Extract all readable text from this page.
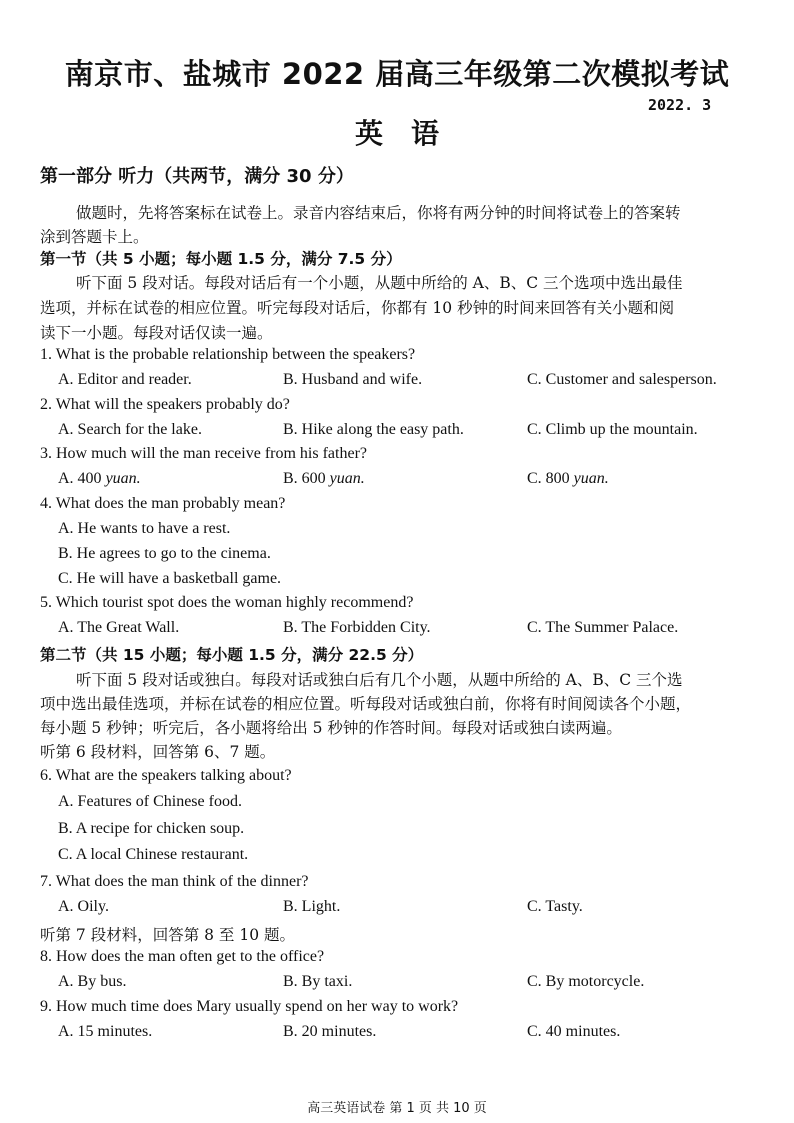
南京市、盐城市 2022 届高三年级第二次模拟考试
2022. 3
英语
第一部分 听力（共两节，满分 30 分）
做题时，先将答案标在试卷上。录音内容结束后，你将有两分钟的时间将试卷上的答案转
涂到答题卡上。
第一节（共 5 小题；每小题 1.5 分，满分 7.5 分）
听下面 5 段对话。每段对话后有一个小题，从题中所给的 A、B、C 三个选项中选出最佳
选项，并标在试卷的相应位置。听完每段对话后，你都有 10 秒钟的时间来回答有关小题和阅
读下一小题。每段对话仅读一遍。
1. What is the probable relationship between the speakers?
A. Editor and reader.	B. Husband and wife.	C. Customer and salesperson.
2. What will the speakers probably do?
A. Search for the lake.	B. Hike along the easy path.	C. Climb up the mountain.
3. How much will the man receive from his father?
A. 400 yuan.	B. 600 yuan.	C. 800 yuan.
4. What does the man probably mean?
A. He wants to have a rest.
B. He agrees to go to the cinema.
C. He will have a basketball game.
5. Which tourist spot does the woman highly recommend?
A. The Great Wall.	B. The Forbidden City.	C. The Summer Palace.
第二节（共 15 小题；每小题 1.5 分，满分 22.5 分）
听下面 5 段对话或独白。每段对话或独白后有几个小题，从题中所给的 A、B、C 三个选
项中选出最佳选项，并标在试卷的相应位置。听每段对话或独白前，你将有时间阅读各个小题，
每小题 5 秒钟；听完后，各小题将给出 5 秒钟的作答时间。每段对话或独白读两遍。
听第 6 段材料，回答第 6、7 题。
6. What are the speakers talking about?
A. Features of Chinese food.
B. A recipe for chicken soup.
C. A local Chinese restaurant.
7. What does the man think of the dinner?
A. Oily.	B. Light.	C. Tasty.
听第 7 段材料，回答第 8 至 10 题。
8. How does the man often get to the office?
A. By bus.	B. By taxi.	C. By motorcycle.
9. How much time does Mary usually spend on her way to work?
A. 15 minutes.	B. 20 minutes.	C. 40 minutes.
高三英语试卷 第 1 页 共 10 页
